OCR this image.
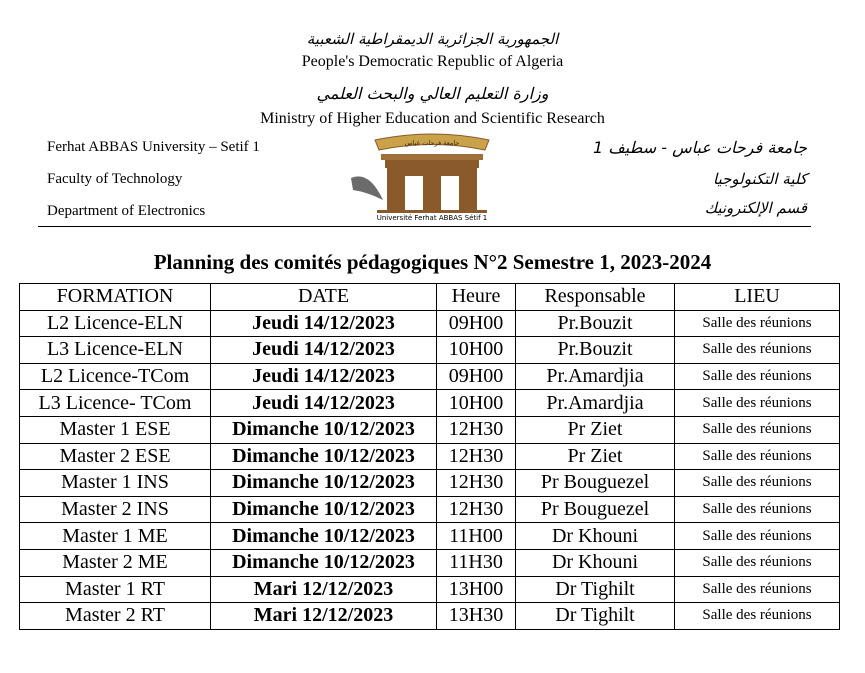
الجمهورية الجزائرية الديمقراطية الشعبية
People's Democratic Republic of Algeria
وزارة التعليم العالي والبحث العلمي
Ministry of Higher Education and Scientific Research
Ferhat ABBAS University – Setif 1
Faculty of Technology
Department of Electronics
جامعة فرحات عباس - سطيف 1
كلية التكنولوجيا
قسم الإلكترونيك
Université Ferhat ABBAS Sétif 1
جامعة فرحات عباس
Planning des comités pédagogiques N°2 Semestre 1, 2023-2024
FORMATION	DATE	Heure	Responsable	LIEU
L2 Licence-ELN	Jeudi 14/12/2023	09H00	Pr.Bouzit	Salle des réunions
L3 Licence-ELN	Jeudi 14/12/2023	10H00	Pr.Bouzit	Salle des réunions
L2 Licence-TCom	Jeudi 14/12/2023	09H00	Pr.Amardjia	Salle des réunions
L3 Licence- TCom	Jeudi 14/12/2023	10H00	Pr.Amardjia	Salle des réunions
Master 1 ESE	Dimanche 10/12/2023	12H30	Pr Ziet	Salle des réunions
Master 2 ESE	Dimanche 10/12/2023	12H30	Pr Ziet	Salle des réunions
Master 1 INS	Dimanche 10/12/2023	12H30	Pr Bouguezel	Salle des réunions
Master 2 INS	Dimanche 10/12/2023	12H30	Pr Bouguezel	Salle des réunions
Master 1 ME	Dimanche 10/12/2023	11H00	Dr Khouni	Salle des réunions
Master 2 ME	Dimanche 10/12/2023	11H30	Dr Khouni	Salle des réunions
Master 1 RT	Mari 12/12/2023	13H00	Dr Tighilt	Salle des réunions
Master 2 RT	Mari 12/12/2023	13H30	Dr Tighilt	Salle des réunions
